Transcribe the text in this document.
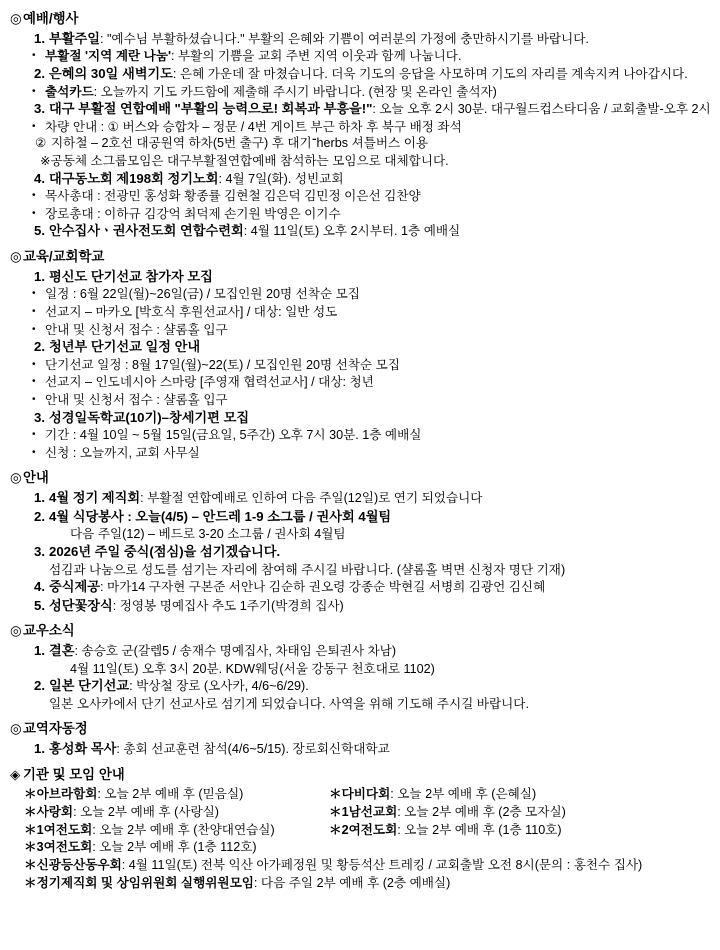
◎예배/행사
1. 부활주일: "예수님 부활하셨습니다." 부활의 은혜와 기쁨이 여러분의 가정에 충만하시기를 바랍니다.
• 부활절 '지역 계란 나눔': 부활의 기쁨을 교회 주변 지역 이웃과 함께 나눕니다.
2. 은혜의 30일 새벽기도: 은혜 가운데 잘 마쳤습니다. 더욱 기도의 응답을 사모하며 기도의 자리를 계속지켜 나아갑시다.
• 출석카드: 오늘까지 기도 카드함에 제출해 주시기 바랍니다. (현장 및 온라인 출석자)
3. 대구 부활절 연합예배 "부활의 능력으로! 회복과 부흥을!": 오늘 오후 2시 30분. 대구월드컵스타디움 / 교회출발-오후 2시
• 차량 안내 : ① 버스와 승합차 – 정문 / 4번 게이트 부근 하차 후 북구 배정 좌석
② 지하철 – 2호선 대공원역 하차(5번 출구) 후 대기־herbs 셔틀버스 이용
※공동체 소그룹모임은 대구부활절연합예배 참석하는 모임으로 대체합니다.
4. 대구동노회 제198회 정기노회: 4월 7일(화). 성빈교회
• 목사총대 : 전광민 홍성화 황종률 김현철 김은덕 김민정 이은선 김찬양
• 장로총대 : 이하규 김강억 최덕제 손기원 박영은 이기수
5. 안수집사ㆍ권사전도회 연합수련회: 4월 11일(토) 오후 2시부터. 1층 예배실
◎교육/교회학교
1. 평신도 단기선교 참가자 모집
• 일정 : 6월 22일(월)~26일(금) / 모집인원 20명 선착순 모집
• 선교지 – 마카오 [박호식 후원선교사] / 대상: 일반 성도
• 안내 및 신청서 접수 : 샬롬홀 입구
2. 청년부 단기선교 일정 안내
• 단기선교 일정 : 8월 17일(월)~22(토) / 모집인원 20명 선착순 모집
• 선교지 – 인도네시아 스마랑 [주영재 협력선교사] / 대상: 청년
• 안내 및 신청서 접수 : 샬롬홀 입구
3. 성경일독학교(10기)–창세기편 모집
• 기간 : 4월 10일 ~ 5월 15일(금요일, 5주간) 오후 7시 30분. 1층 예배실
• 신청 : 오늘까지, 교회 사무실
◎안내
1. 4월 정기 제직회: 부활절 연합예배로 인하여 다음 주일(12일)로 연기 되었습니다
2. 4월 식당봉사 : 오늘(4/5) – 안드레 1-9 소그룹 / 권사회 4월팀
다음 주일(12) – 베드로 3-20 소그룹 / 권사회 4월팀
3. 2026년 주일 중식(점심)을 섬기겠습니다.
섬김과 나눔으로 성도를 섬기는 자리에 참여해 주시길 바랍니다. (샬롬홀 벽면 신청자 명단 기재)
4. 중식제공: 마가14 구자현 구본준 서안나 김순하 권오령 강종순 박현길 서병희 김광언 김신혜
5. 성단꽃장식: 정영봉 명예집사 추도 1주기(박경희 집사)
◎교우소식
1. 결혼: 송승호 군(갈렙5 / 송재수 명예집사, 차태임 은퇴권사 차남)
4월 11일(토) 오후 3시 20분. KDW웨딩(서울 강동구 천호대로 1102)
2. 일본 단기선교: 박상철 장로 (오사카, 4/6~6/29).
일본 오사카에서 단기 선교사로 섬기게 되었습니다. 사역을 위해 기도해 주시길 바랍니다.
◎교역자동정
1. 홍성화 목사: 총회 선교훈련 참석(4/6~5/15). 장로회신학대학교
◈ 기관 및 모임 안내
＊아브라함회 : 오늘 2부 예배 후 (믿음실)	＊다비다회 : 오늘 2부 예배 후 (은혜실)
＊사랑회 : 오늘 2부 예배 후 (사랑실)	＊1남선교회 : 오늘 2부 예배 후 (2층 모자실)
＊1여전도회 : 오늘 2부 예배 후 (찬양대연습실)	＊2여전도회 : 오늘 2부 예배 후 (1층 110호)
＊3여전도회 : 오늘 2부 예배 후 (1층 112호)
＊신광등산동우회 : 4월 11일(토) 전북 익산 아가페정원 및 황등석산 트레킹 / 교회출발 오전 8시(문의 : 홍천수 집사)
＊정기제직회 및 상임위원회 실행위원모임 : 다음 주일 2부 예배 후 (2층 예배실)
